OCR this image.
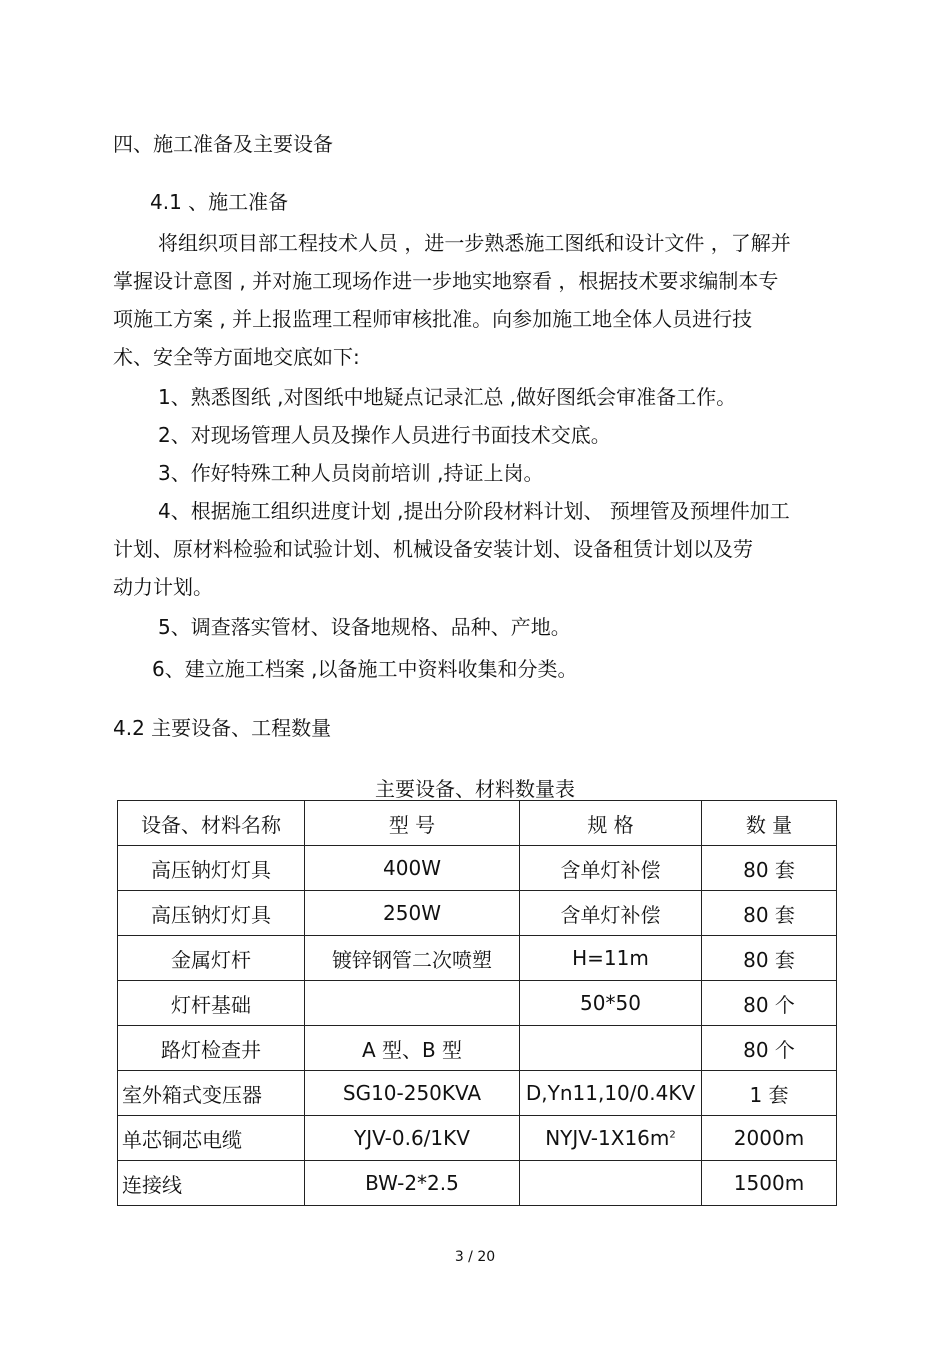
四、施工准备及主要设备
4.1 、施工准备
将组织项目部工程技术人员 ，进一步熟悉施工图纸和设计文件 ，了解并
掌握设计意图 , 并对施工现场作进一步地实地察看 ，根据技术要求编制本专
项施工方案 , 并上报监理工程师审核批准。向参加施工地全体人员进行技
术、安全等方面地交底如下:
1、熟悉图纸 ,对图纸中地疑点记录汇总 ,做好图纸会审准备工作。
2、对现场管理人员及操作人员进行书面技术交底。
3、作好特殊工种人员岗前培训 ,持证上岗。
4、根据施工组织进度计划 ,提出分阶段材料计划、 预埋管及预埋件加工
计划、原材料检验和试验计划、机械设备安装计划、设备租赁计划以及劳
动力计划。
5、调查落实管材、设备地规格、品种、产地。
6、建立施工档案 ,以备施工中资料收集和分类。
4.2 主要设备、工程数量
主要设备、材料数量表
设备、材料名称	型 号	规 格	数 量
高压钠灯灯具	400W	含单灯补偿	80 套
高压钠灯灯具	250W	含单灯补偿	80 套
金属灯杆	镀锌钢管二次喷塑	H=11m	80 套
灯杆基础		50*50	80 个
路灯检查井	A 型、B 型		80 个
室外箱式变压器	SG10-250KVA	D,Yn11,10/0.4KV	1 套
单芯铜芯电缆	YJV-0.6/1KV	NYJV-$1X16m^2$	2000m
连接线	BW-2*2.5		1500m
3 / 20
